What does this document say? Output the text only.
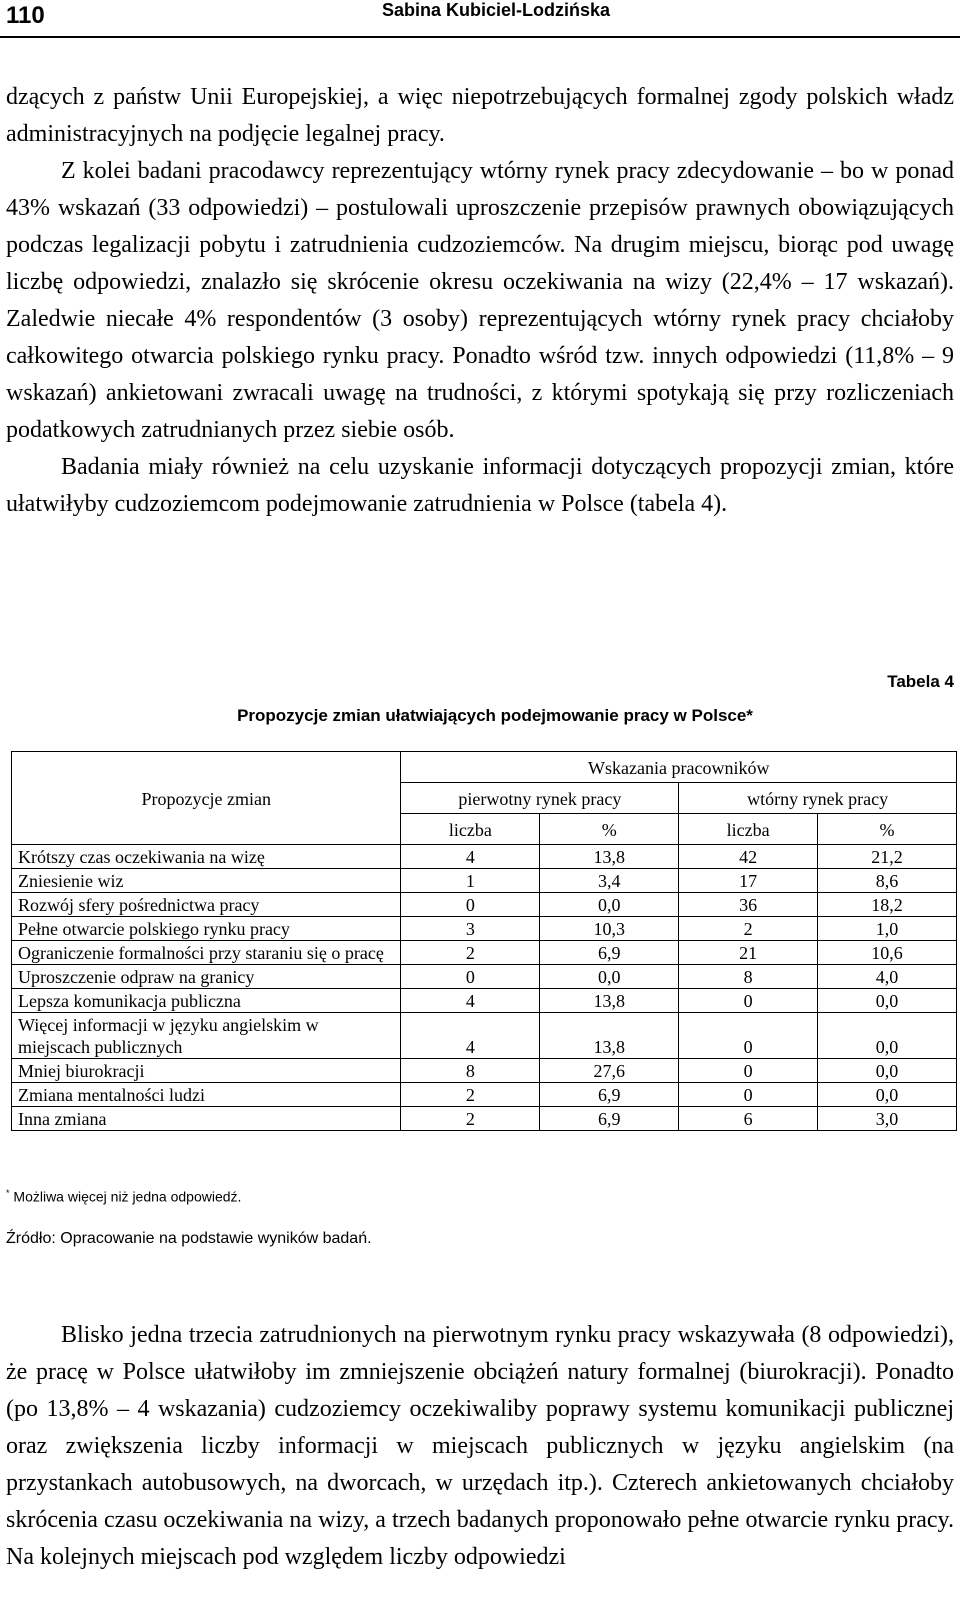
110	Sabina Kubiciel-Lodzińska

dzących z państw Unii Europejskiej, a więc niepotrzebujących formalnej zgody polskich władz administracyjnych na podjęcie legalnej pracy.

Z kolei badani pracodawcy reprezentujący wtórny rynek pracy zdecydowanie – bo w ponad 43% wskazań (33 odpowiedzi) – postulowali uproszczenie przepisów prawnych obowiązujących podczas legalizacji pobytu i zatrudnienia cudzoziemców. Na drugim miejscu, biorąc pod uwagę liczbę odpowiedzi, znalazło się skrócenie okresu oczekiwania na wizy (22,4% – 17 wskazań). Zaledwie niecałe 4% respondentów (3 osoby) reprezentujących wtórny rynek pracy chciałoby całkowitego otwarcia polskiego rynku pracy. Ponadto wśród tzw. innych odpowiedzi (11,8% – 9 wskazań) ankietowani zwracali uwagę na trudności, z którymi spotykają się przy rozliczeniach podatkowych zatrudnianych przez siebie osób.

Badania miały również na celu uzyskanie informacji dotyczących propozycji zmian, które ułatwiłyby cudzoziemcom podejmowanie zatrudnienia w Polsce (tabela 4).

Tabela 4
Propozycje zmian ułatwiających podejmowanie pracy w Polsce*
Propozycje zmian	Wskazania pracowników			
	pierwotny rynek pracy		wtórny rynek pracy	
	liczba	%	liczba	%
Krótszy czas oczekiwania na wizę	4	13,8	42	21,2
Zniesienie wiz	1	3,4	17	8,6
Rozwój sfery pośrednictwa pracy	0	0,0	36	18,2
Pełne otwarcie polskiego rynku pracy	3	10,3	2	1,0
Ograniczenie formalności przy staraniu się o pracę	2	6,9	21	10,6
Uproszczenie odpraw na granicy	0	0,0	8	4,0
Lepsza komunikacja publiczna	4	13,8	0	0,0
Więcej informacji w języku angielskim w miejscach publicznych	4	13,8	0	0,0
Mniej biurokracji	8	27,6	0	0,0
Zmiana mentalności ludzi	2	6,9	0	0,0
Inna zmiana	2	6,9	6	3,0
* Możliwa więcej niż jedna odpowiedź.
Źródło: Opracowanie na podstawie wyników badań.

Blisko jedna trzecia zatrudnionych na pierwotnym rynku pracy wskazywała (8 odpowiedzi), że pracę w Polsce ułatwiłoby im zmniejszenie obciążeń natury formalnej (biurokracji). Ponadto (po 13,8% – 4 wskazania) cudzoziemcy oczekiwaliby poprawy systemu komunikacji publicznej oraz zwiększenia liczby informacji w miejscach publicznych w języku angielskim (na przystankach autobusowych, na dworcach, w urzędach itp.). Czterech ankietowanych chciałoby skrócenia czasu oczekiwania na wizy, a trzech badanych proponowało pełne otwarcie rynku pracy. Na kolejnych miejscach pod względem liczby odpowiedzi
